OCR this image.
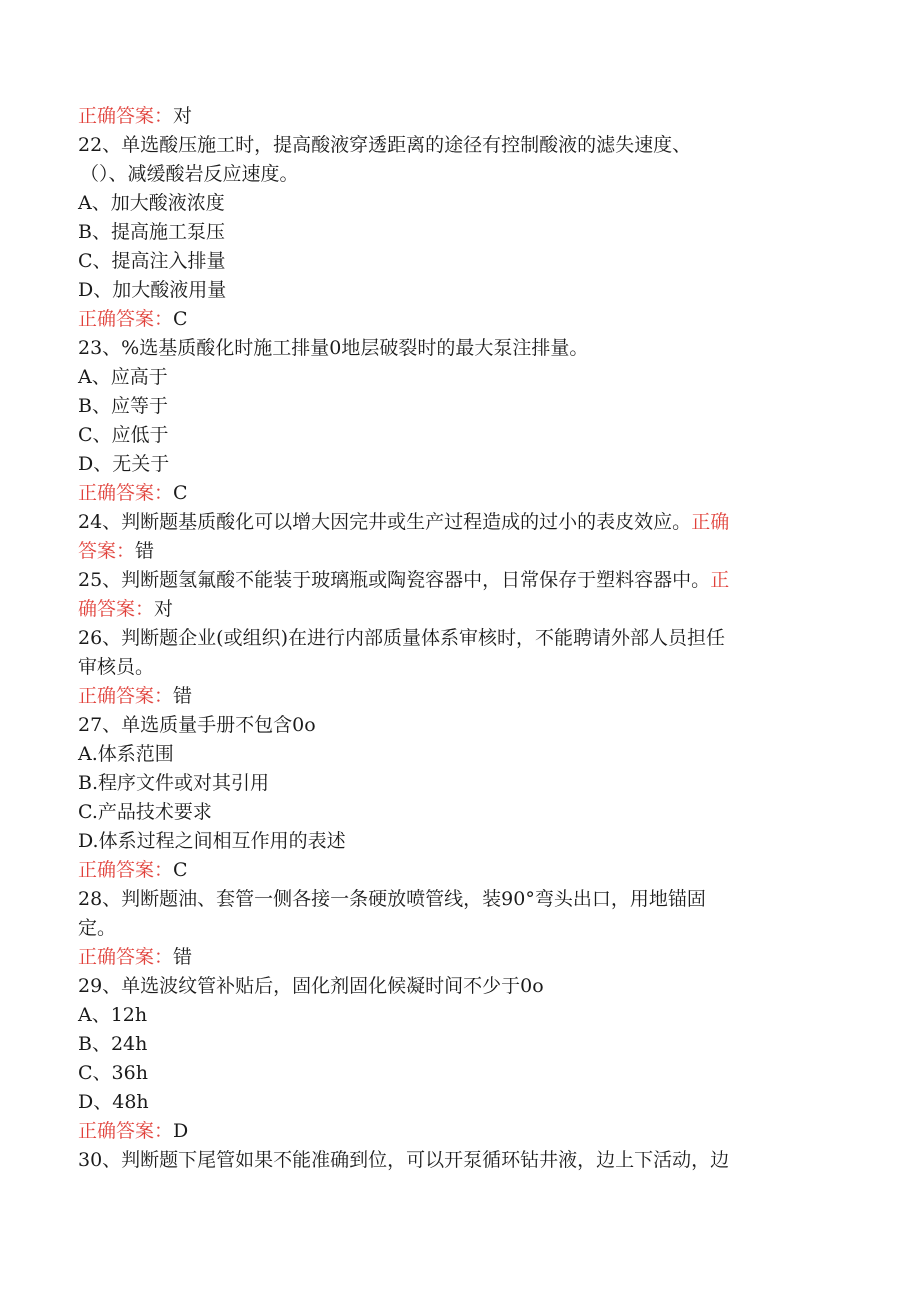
正确答案：对
22、单选酸压施工时，提高酸液穿透距离的途径有控制酸液的滤失速度、
（）、减缓酸岩反应速度。
A、加大酸液浓度
B、提高施工泵压
C、提高注入排量
D、加大酸液用量
正确答案：C
23、%选基质酸化时施工排量0地层破裂时的最大泵注排量。
A、应高于
B、应等于
C、应低于
D、无关于
正确答案：C
24、判断题基质酸化可以增大因完井或生产过程造成的过小的表皮效应。正确
答案：错
25、判断题氢氟酸不能装于玻璃瓶或陶瓷容器中，日常保存于塑料容器中。正
确答案：对
26、判断题企业(或组织)在进行内部质量体系审核时，不能聘请外部人员担任
审核员。
正确答案：错
27、单选质量手册不包含0o
A.体系范围
B.程序文件或对其引用
C.产品技术要求
D.体系过程之间相互作用的表述
正确答案：C
28、判断题油、套管一侧各接一条硬放喷管线，装90°弯头出口，用地锚固
定。
正确答案：错
29、单选波纹管补贴后，固化剂固化候凝时间不少于0o
A、12h
B、24h
C、36h
D、48h
正确答案：D
30、判断题下尾管如果不能准确到位，可以开泵循环钻井液，边上下活动，边
